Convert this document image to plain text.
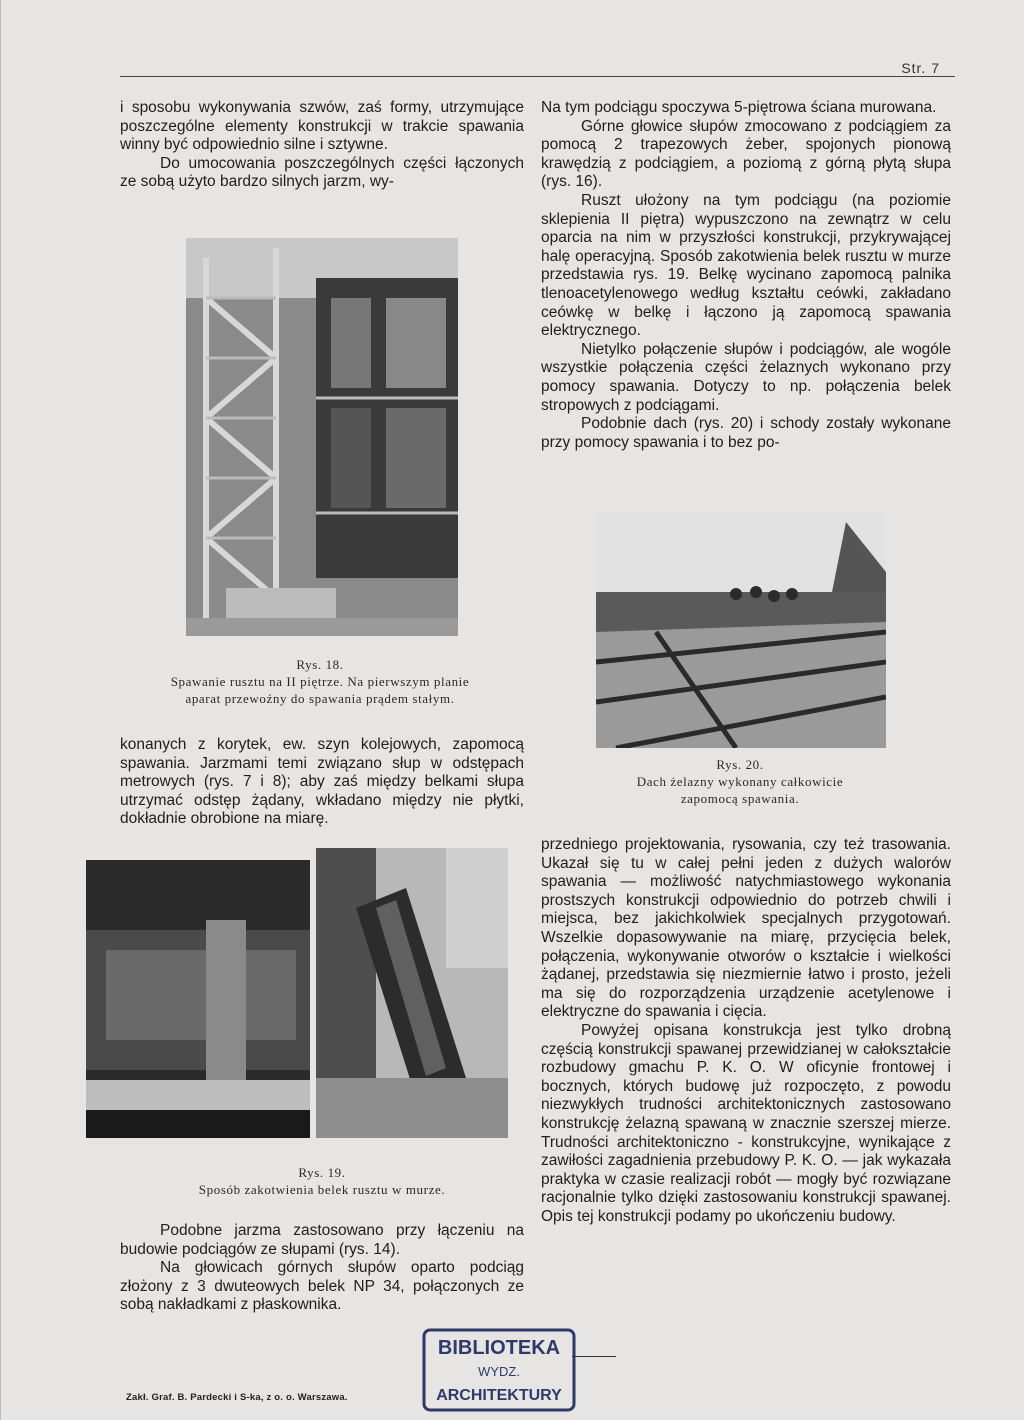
Str. 7

i sposobu wykonywania szwów, zaś formy, utrzymujące poszczególne elementy konstrukcji w trakcie spawania winny być odpowiednio silne i sztywne.

Do umocowania poszczególnych części łączonych ze sobą użyto bardzo silnych jarzm, wy-

Rys. 18.
Spawanie rusztu na II piętrze. Na pierwszym planie
aparat przewoźny do spawania prądem stałym.

konanych z korytek, ew. szyn kolejowych, zapomocą spawania. Jarzmami temi związano słup w odstępach metrowych (rys. 7 i 8); aby zaś między belkami słupa utrzymać odstęp żądany, wkładano między nie płytki, dokładnie obrobione na miarę.

Rys. 19.
Sposób zakotwienia belek rusztu w murze.

Podobne jarzma zastosowano przy łączeniu na budowie podciągów ze słupami (rys. 14).

Na głowicach górnych słupów oparto podciąg złożony z 3 dwuteowych belek NP 34, połączonych ze sobą nakładkami z płaskownika.

Na tym podciągu spoczywa 5-piętrowa ściana murowana.

Górne głowice słupów zmocowano z podciągiem za pomocą 2 trapezowych żeber, spojonych pionową krawędzią z podciągiem, a poziomą z górną płytą słupa (rys. 16).

Ruszt ułożony na tym podciągu (na poziomie sklepienia II piętra) wypuszczono na zewnątrz w celu oparcia na nim w przyszłości konstrukcji, przykrywającej halę operacyjną. Sposób zakotwienia belek rusztu w murze przedstawia rys. 19. Belkę wycinano zapomocą palnika tlenoacetylenowego według kształtu ceówki, zakładano ceówkę w belkę i łączono ją zapomocą spawania elektrycznego.

Nietylko połączenie słupów i podciągów, ale wogóle wszystkie połączenia części żelaznych wykonano przy pomocy spawania. Dotyczy to np. połączenia belek stropowych z podciągami.

Podobnie dach (rys. 20) i schody zostały wykonane przy pomocy spawania i to bez po-

Rys. 20.
Dach żelazny wykonany całkowicie
zapomocą spawania.

przedniego projektowania, rysowania, czy też trasowania. Ukazał się tu w całej pełni jeden z dużych walorów spawania — możliwość natychmiastowego wykonania prostszych konstrukcji odpowiednio do potrzeb chwili i miejsca, bez jakichkolwiek specjalnych przygotowań. Wszelkie dopasowywanie na miarę, przycięcia belek, połączenia, wykonywanie otworów o kształcie i wielkości żądanej, przedstawia się niezmiernie łatwo i prosto, jeżeli ma się do rozporządzenia urządzenie acetylenowe i elektryczne do spawania i cięcia.

Powyżej opisana konstrukcja jest tylko drobną częścią konstrukcji spawanej przewidzianej w całokształcie rozbudowy gmachu P. K. O. W oficynie frontowej i bocznych, których budowę już rozpoczęto, z powodu niezwykłych trudności architektonicznych zastosowano konstrukcję żelazną spawaną w znacznie szerszej mierze. Trudności architektoniczno - konstrukcyjne, wynikające z zawiłości zagadnienia przebudowy P. K. O. — jak wykazała praktyka w czasie realizacji robót — mogły być rozwiązane racjonalnie tylko dzięki zastosowaniu konstrukcji spawanej. Opis tej konstrukcji podamy po ukończeniu budowy.

Zakł. Graf. B. Pardecki i S-ka, z o. o. Warszawa.
BIBLIOTEKA
WYDZ.
ARCHITEKTURY
